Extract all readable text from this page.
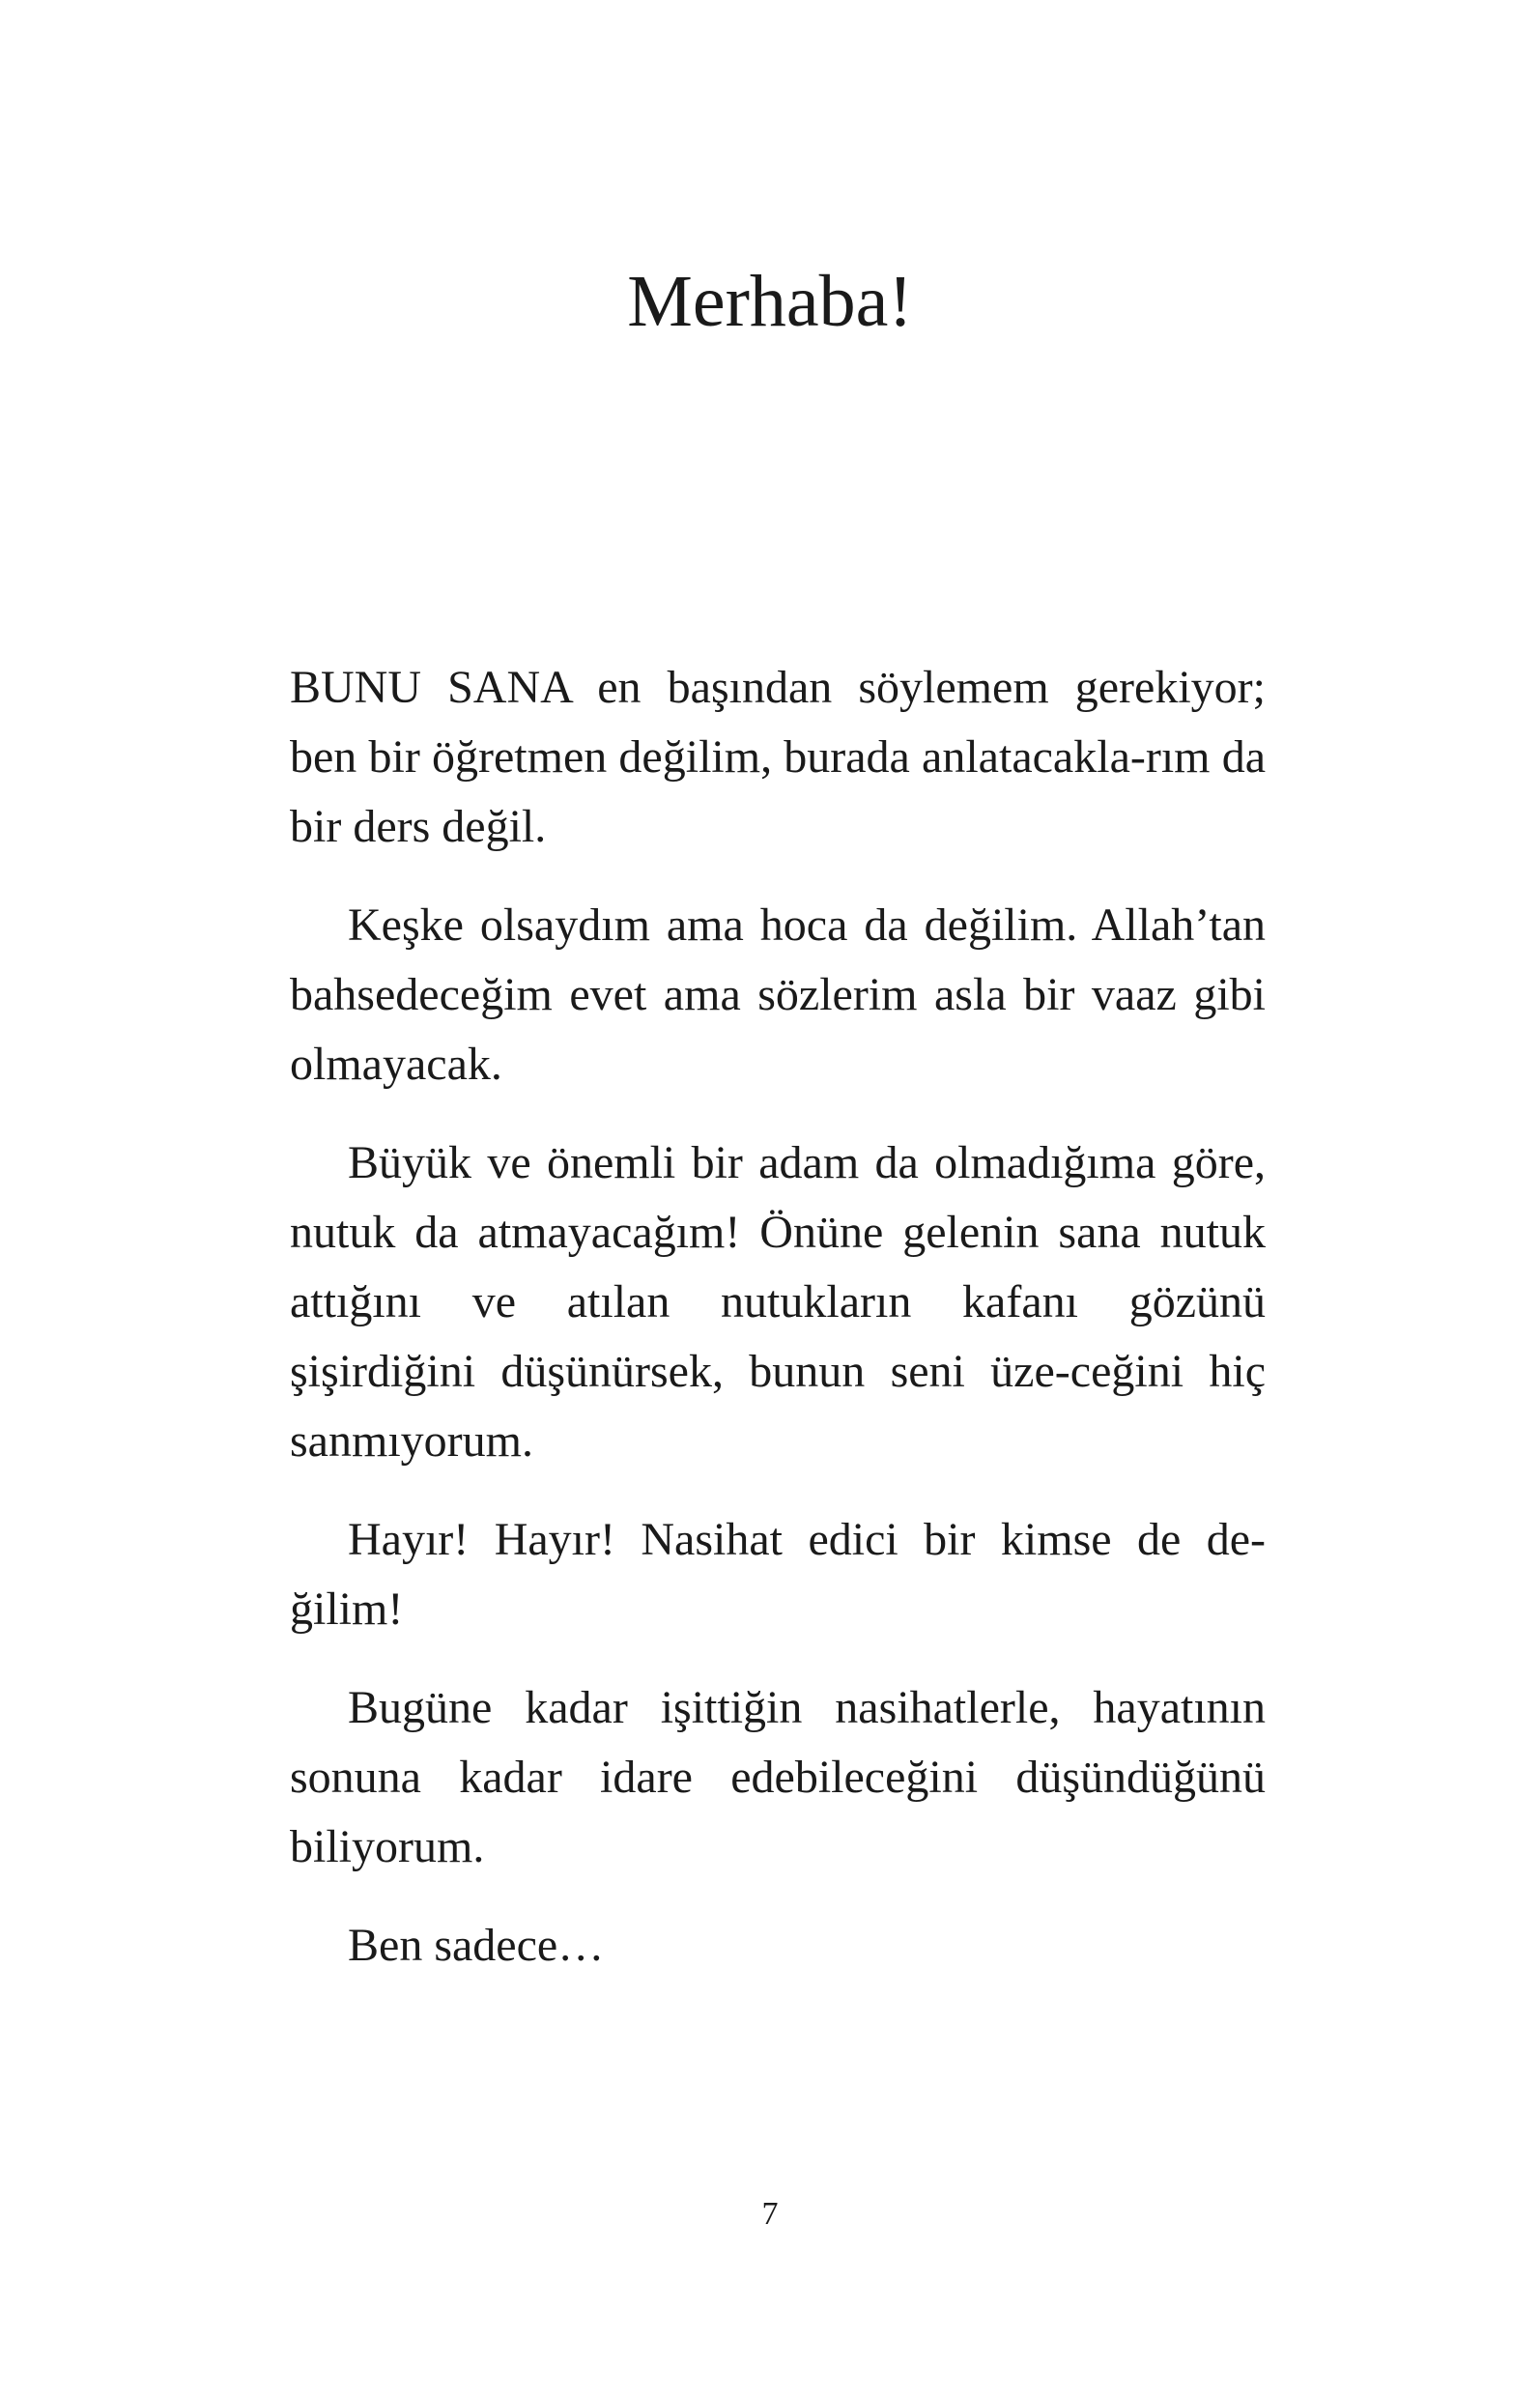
Merhaba!

BUNU SANA en başından söylemem gerekiyor; ben bir öğretmen değilim, burada anlatacakla-rım da bir ders değil.

Keşke olsaydım ama hoca da değilim. Allah’tan bahsedeceğim evet ama sözlerim asla bir vaaz gibi olmayacak.

Büyük ve önemli bir adam da olmadığıma göre, nutuk da atmayacağım! Önüne gelenin sana nutuk attığını ve atılan nutukların kafanı gözünü şişirdiğini düşünürsek, bunun seni üze-ceğini hiç sanmıyorum.

Hayır! Hayır! Nasihat edici bir kimse de de-ğilim!

Bugüne kadar işittiğin nasihatlerle, hayatının sonuna kadar idare edebileceğini düşündüğünü biliyorum.

Ben sadece…

7
